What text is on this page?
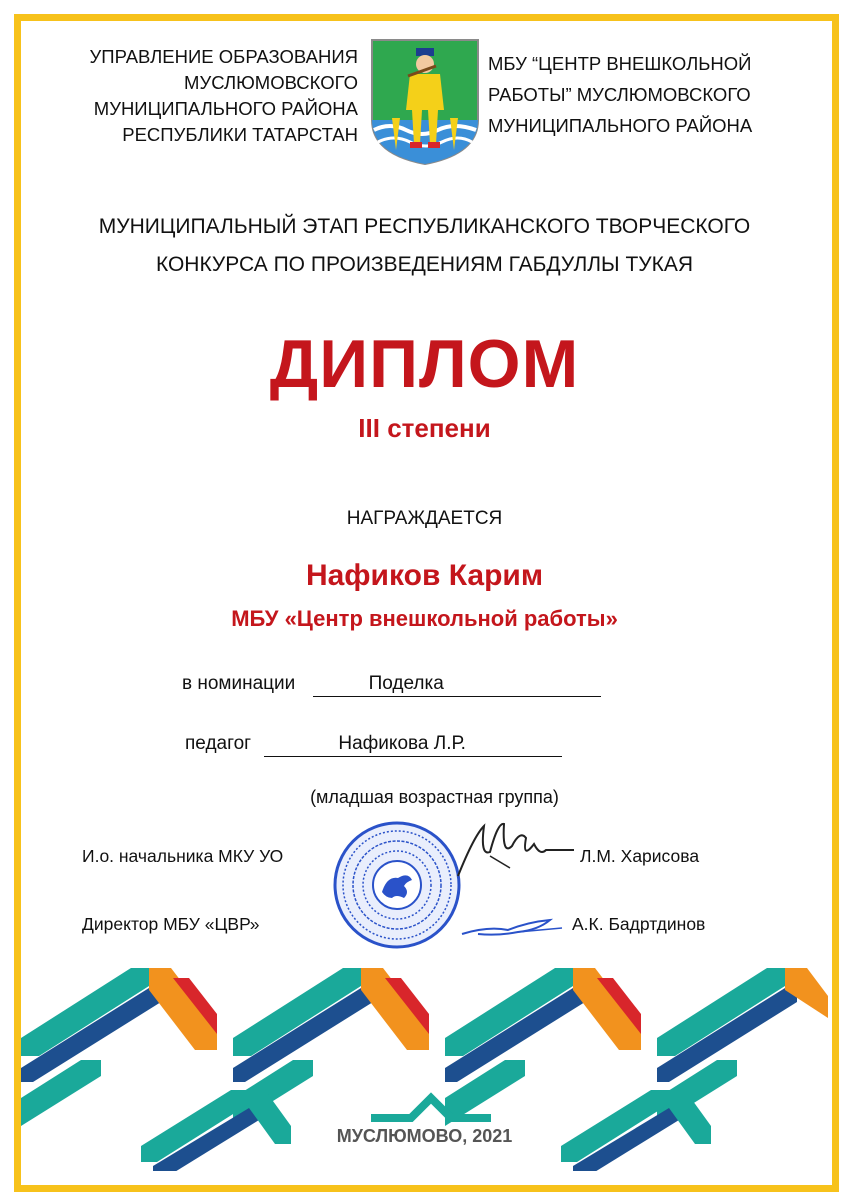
УПРАВЛЕНИЕ ОБРАЗОВАНИЯ
МУСЛЮМОВСКОГО
МУНИЦИПАЛЬНОГО РАЙОНА
РЕСПУБЛИКИ ТАТАРСТАН
МБУ “ЦЕНТР ВНЕШКОЛЬНОЙ
РАБОТЫ” МУСЛЮМОВСКОГО
МУНИЦИПАЛЬНОГО РАЙОНА
МУНИЦИПАЛЬНЫЙ ЭТАП РЕСПУБЛИКАНСКОГО ТВОРЧЕСКОГО
КОНКУРСА ПО ПРОИЗВЕДЕНИЯМ ГАБДУЛЛЫ ТУКАЯ
ДИПЛОМ
III степени
НАГРАЖДАЕТСЯ
Нафиков Карим
МБУ «Центр внешкольной работы»
в номинации	Поделка
педагог	Нафикова Л.Р.
(младшая возрастная группа)
И.о. начальника МКУ УО	Л.М. Харисова
Директор МБУ «ЦВР»	А.К. Бадртдинов
МУСЛЮМОВО, 2021
